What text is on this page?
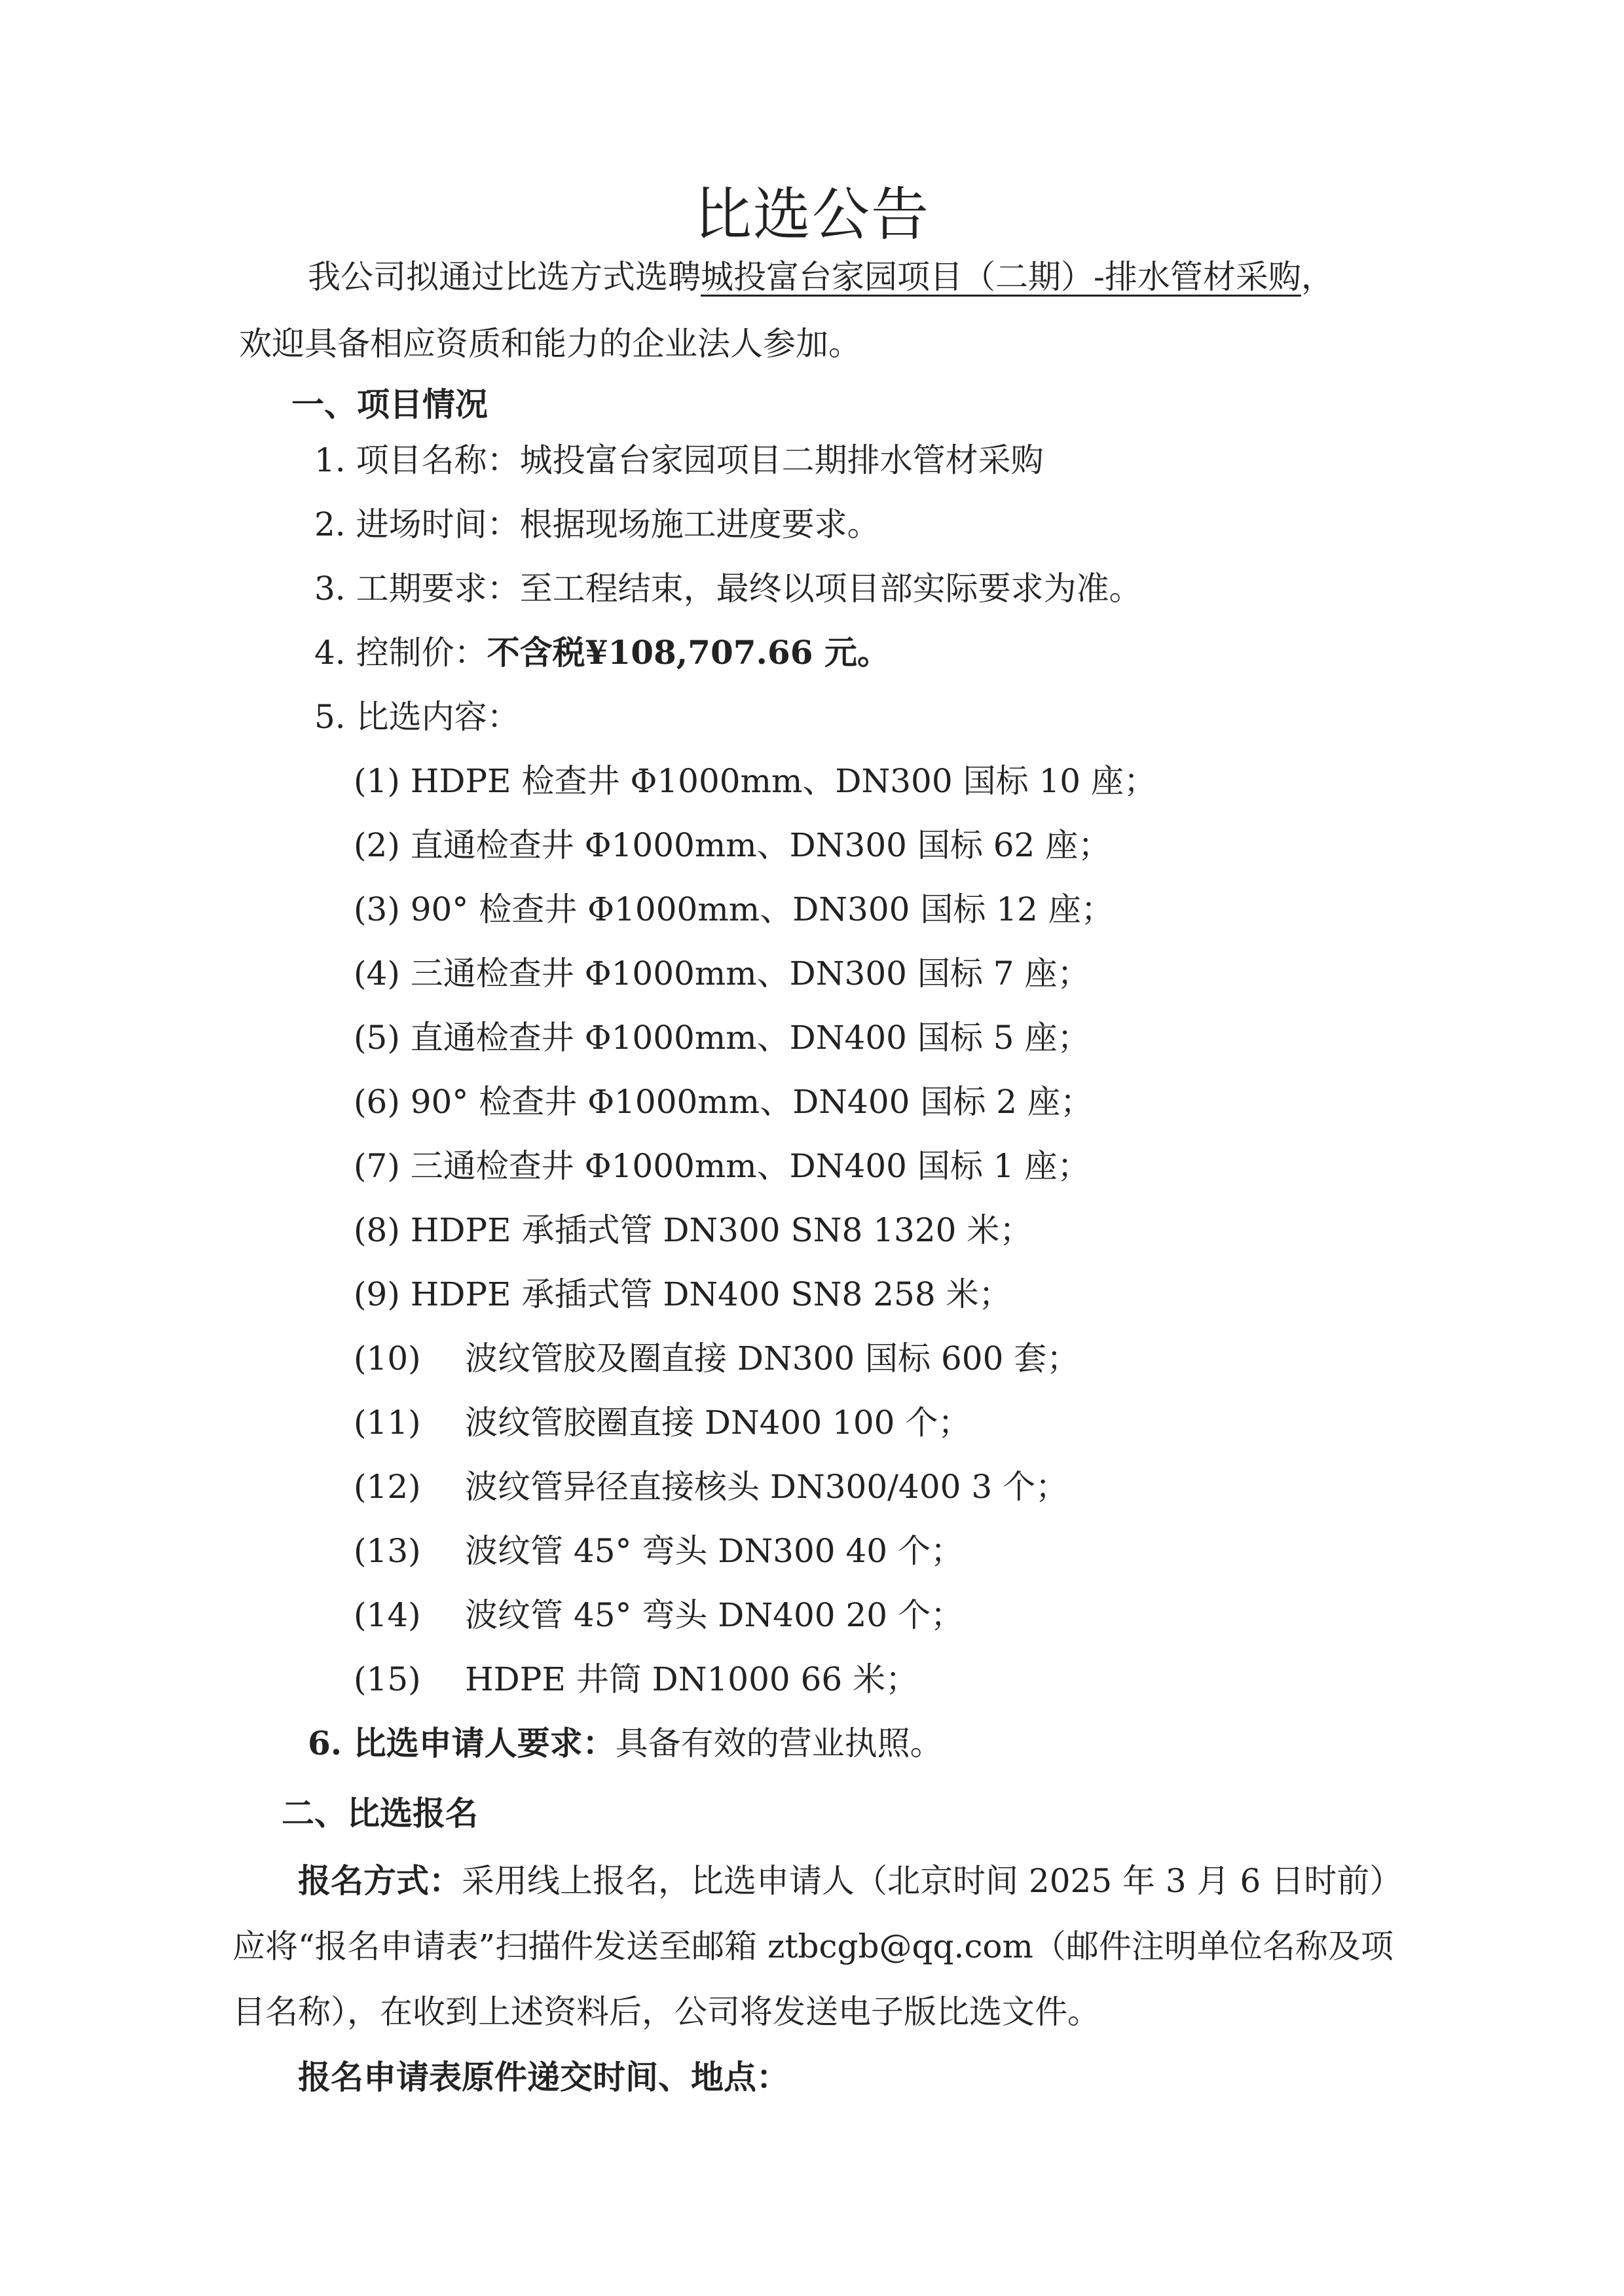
比选公告
我公司拟通过比选方式选聘城投富台家园项目（二期）-排水管材采购，
欢迎具备相应资质和能力的企业法人参加。
一、项目情况
1. 项目名称：城投富台家园项目二期排水管材采购
2. 进场时间：根据现场施工进度要求。
3. 工期要求：至工程结束，最终以项目部实际要求为准。
4. 控制价：不含税¥108,707.66 元。
5. 比选内容：
(1) HDPE 检查井 Φ1000mm、DN300 国标 10 座；
(2) 直通检查井 Φ1000mm、DN300 国标 62 座；
(3) 90° 检查井 Φ1000mm、DN300 国标 12 座；
(4) 三通检查井 Φ1000mm、DN300 国标 7 座；
(5) 直通检查井 Φ1000mm、DN400 国标 5 座；
(6) 90° 检查井 Φ1000mm、DN400 国标 2 座；
(7) 三通检查井 Φ1000mm、DN400 国标 1 座；
(8) HDPE 承插式管 DN300 SN8 1320 米；
(9) HDPE 承插式管 DN400 SN8 258 米；
(10) 波纹管胶及圈直接 DN300 国标 600 套；
(11) 波纹管胶圈直接 DN400 100 个；
(12) 波纹管异径直接核头 DN300/400 3 个；
(13) 波纹管 45° 弯头 DN300 40 个；
(14) 波纹管 45° 弯头 DN400 20 个；
(15) HDPE 井筒 DN1000 66 米；
6. 比选申请人要求：具备有效的营业执照。
二、比选报名
报名方式：采用线上报名，比选申请人（北京时间 2025 年 3 月 6 日时前）
应将“报名申请表”扫描件发送至邮箱 ztbcgb@qq.com（邮件注明单位名称及项
目名称），在收到上述资料后，公司将发送电子版比选文件。
报名申请表原件递交时间、地点：
